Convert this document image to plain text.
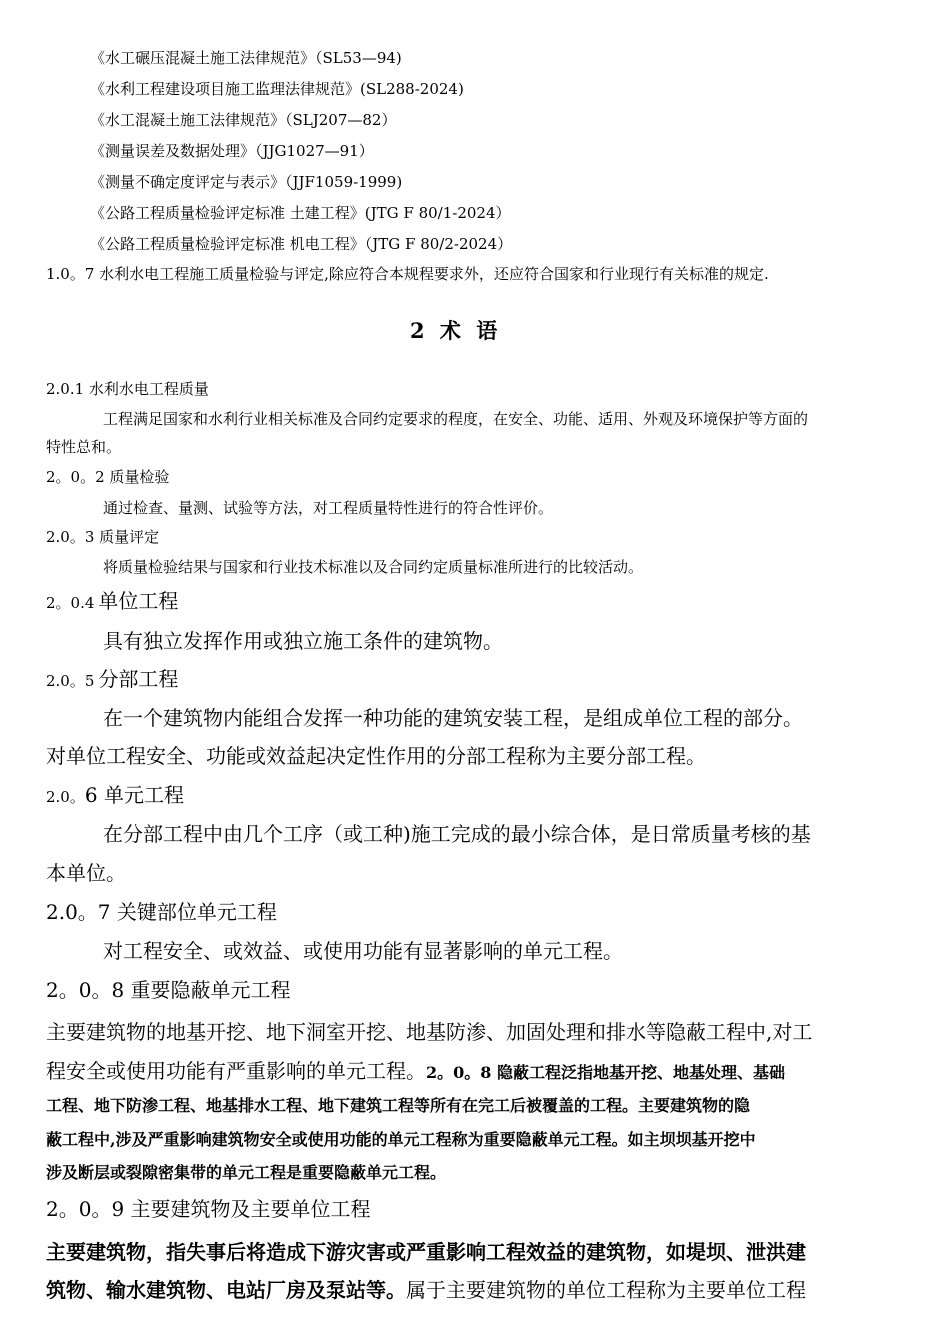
《水工碾压混凝土施工法律规范》（SL53—94)
《水利工程建设项目施工监理法律规范》(SL288-2024)
《水工混凝土施工法律规范》（SLJ207—82）
《测量误差及数据处理》（JJG1027—91）
《测量不确定度评定与表示》（JJF1059-1999)
《公路工程质量检验评定标准 土建工程》(JTG F 80/1-2024）
《公路工程质量检验评定标准 机电工程》（JTG F 80/2-2024）
1.0。7 水利水电工程施工质量检验与评定,除应符合本规程要求外，还应符合国家和行业现行有关标准的规定.
2 术 语
2.0.1 水利水电工程质量
工程满足国家和水利行业相关标准及合同约定要求的程度，在安全、功能、适用、外观及环境保护等方面的
特性总和。
2。0。2 质量检验
通过检查、量测、试验等方法，对工程质量特性进行的符合性评价。
2.0。3 质量评定
将质量检验结果与国家和行业技术标准以及合同约定质量标准所进行的比较活动。
2。0.4 单位工程
具有独立发挥作用或独立施工条件的建筑物。
2.0。5 分部工程
在一个建筑物内能组合发挥一种功能的建筑安装工程，是组成单位工程的部分。
对单位工程安全、功能或效益起决定性作用的分部工程称为主要分部工程。
2.0。6 单元工程
在分部工程中由几个工序（或工种)施工完成的最小综合体，是日常质量考核的基
本单位。
2.0。7 关键部位单元工程
对工程安全、或效益、或使用功能有显著影响的单元工程。
2。0。8 重要隐蔽单元工程
主要建筑物的地基开挖、地下洞室开挖、地基防渗、加固处理和排水等隐蔽工程中,对工
程安全或使用功能有严重影响的单元工程。2。0。8 隐蔽工程泛指地基开挖、地基处理、基础
工程、地下防渗工程、地基排水工程、地下建筑工程等所有在完工后被覆盖的工程。主要建筑物的隐
蔽工程中,涉及严重影响建筑物安全或使用功能的单元工程称为重要隐蔽单元工程。如主坝坝基开挖中
涉及断层或裂隙密集带的单元工程是重要隐蔽单元工程。
2。0。9 主要建筑物及主要单位工程
主要建筑物，指失事后将造成下游灾害或严重影响工程效益的建筑物，如堤坝、泄洪建
筑物、输水建筑物、电站厂房及泵站等。属于主要建筑物的单位工程称为主要单位工程
